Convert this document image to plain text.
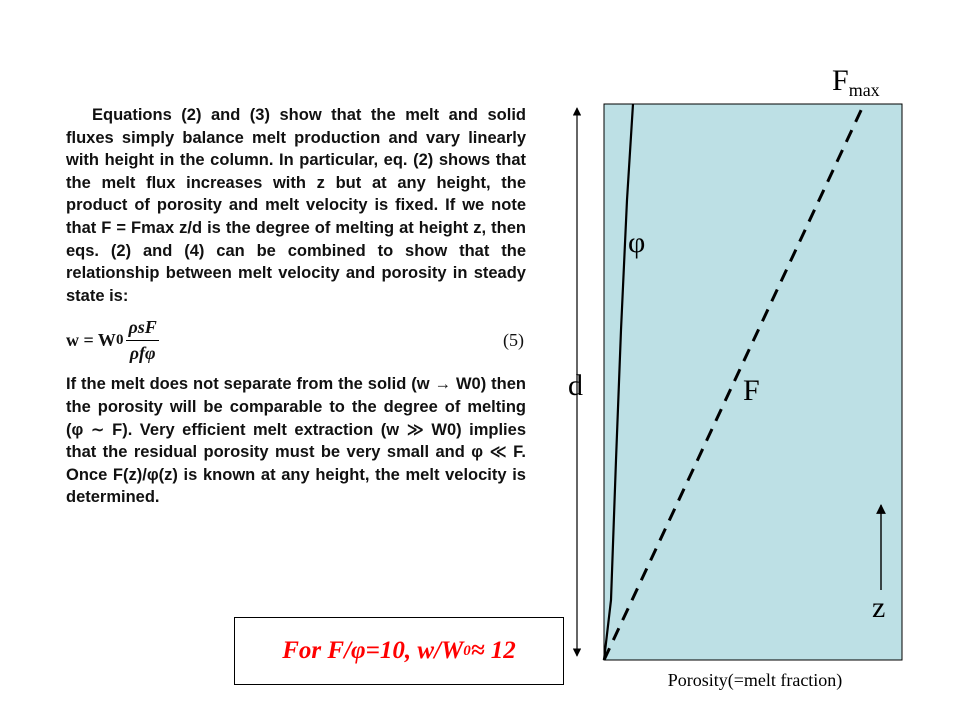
Equations (2) and (3) show that the melt and solid fluxes simply balance melt production and vary linearly with height in the column. In particular, eq. (2) shows that the melt flux increases with z but at any height, the product of porosity and melt velocity is fixed. If we note that F = Fmax z/d is the degree of melting at height z, then eqs. (2) and (4) can be combined to show that the relationship between melt velocity and porosity in steady state is:

w = W $0 \frac{\text{ρsF}}{\text{ρfφ}}$	(5)

If the melt does not separate from the solid (w → W0) then the porosity will be comparable to the degree of melting (φ ∼ F). Very efficient melt extraction (w ≫ W0) implies that the residual porosity must be very small and φ ≪ F. Once F(z)/φ(z) is known at any height, the melt velocity is determined.

For F/ φ =10, w/W 0 ≈ 12
$F_{max}$
φ
F
d
z
Porosity(=melt fraction)
